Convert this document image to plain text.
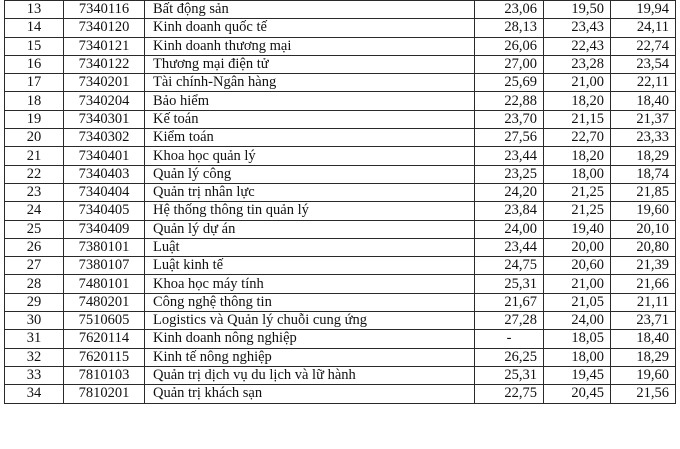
13	7340116	Bất động sản	23,06	19,50	19,94
14	7340120	Kinh doanh quốc tế	28,13	23,43	24,11
15	7340121	Kinh doanh thương mại	26,06	22,43	22,74
16	7340122	Thương mại điện tử	27,00	23,28	23,54
17	7340201	Tài chính-Ngân hàng	25,69	21,00	22,11
18	7340204	Bảo hiểm	22,88	18,20	18,40
19	7340301	Kế toán	23,70	21,15	21,37
20	7340302	Kiểm toán	27,56	22,70	23,33
21	7340401	Khoa học quản lý	23,44	18,20	18,29
22	7340403	Quản lý công	23,25	18,00	18,74
23	7340404	Quản trị nhân lực	24,20	21,25	21,85
24	7340405	Hệ thống thông tin quản lý	23,84	21,25	19,60
25	7340409	Quản lý dự án	24,00	19,40	20,10
26	7380101	Luật	23,44	20,00	20,80
27	7380107	Luật kinh tế	24,75	20,60	21,39
28	7480101	Khoa học máy tính	25,31	21,00	21,66
29	7480201	Công nghệ thông tin	21,67	21,05	21,11
30	7510605	Logistics và Quản lý chuỗi cung ứng	27,28	24,00	23,71
31	7620114	Kinh doanh nông nghiệp	-	18,05	18,40
32	7620115	Kinh tế nông nghiệp	26,25	18,00	18,29
33	7810103	Quản trị dịch vụ du lịch và lữ hành	25,31	19,45	19,60
34	7810201	Quản trị khách sạn	22,75	20,45	21,56
